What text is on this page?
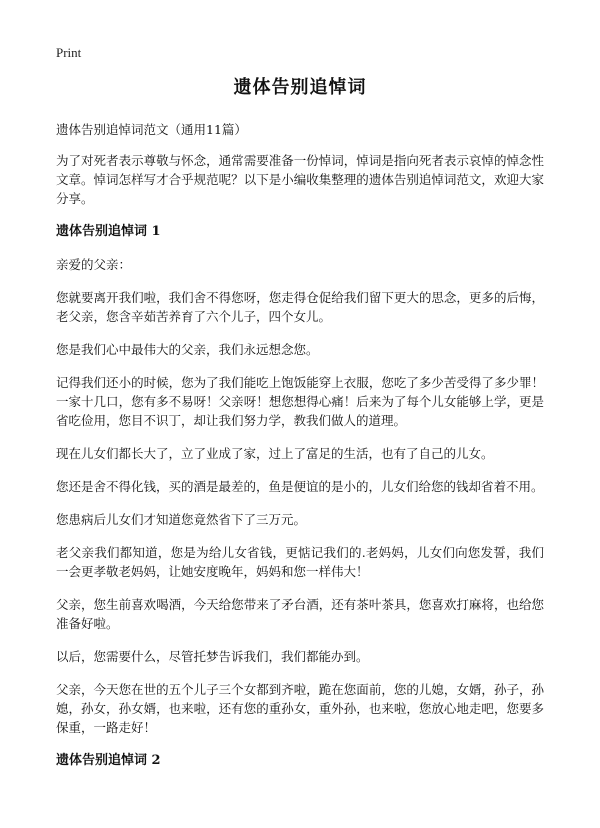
Print
遗体告别追悼词

遗体告别追悼词范文（通用11篇）

为了对死者表示尊敬与怀念，通常需要准备一份悼词，悼词是指向死者表示哀悼的悼念性文章。悼词怎样写才合乎规范呢？以下是小编收集整理的遗体告别追悼词范文，欢迎大家分享。

遗体告别追悼词 1

亲爱的父亲：

您就要离开我们啦，我们舍不得您呀，您走得仓促给我们留下更大的思念，更多的后悔，老父亲，您含辛茹苦养育了六个儿子，四个女儿。

您是我们心中最伟大的父亲，我们永远想念您。

记得我们还小的时候，您为了我们能吃上饱饭能穿上衣服，您吃了多少苦受得了多少罪！一家十几口，您有多不易呀！父亲呀！想您想得心痛！后来为了每个儿女能够上学，更是省吃俭用，您目不识丁，却让我们努力学，教我们做人的道理。

现在儿女们都长大了，立了业成了家，过上了富足的生活，也有了自己的儿女。

您还是舍不得化钱，买的酒是最差的，鱼是便谊的是小的，儿女们给您的钱却省着不用。

您患病后儿女们才知道您竟然省下了三万元。

老父亲我们都知道，您是为给儿女省钱，更惦记我们的.老妈妈，儿女们向您发誓，我们一会更孝敬老妈妈，让她安度晚年，妈妈和您一样伟大！

父亲，您生前喜欢喝酒，今天给您带来了矛台酒，还有茶叶茶具，您喜欢打麻将，也给您准备好啦。

以后，您需要什么，尽管托梦告诉我们，我们都能办到。

父亲，今天您在世的五个儿子三个女都到齐啦，跪在您面前，您的儿媳，女婿，孙子，孙媳，孙女，孙女婿，也来啦，还有您的重孙女，重外孙，也来啦，您放心地走吧，您要多保重，一路走好！

遗体告别追悼词 2
